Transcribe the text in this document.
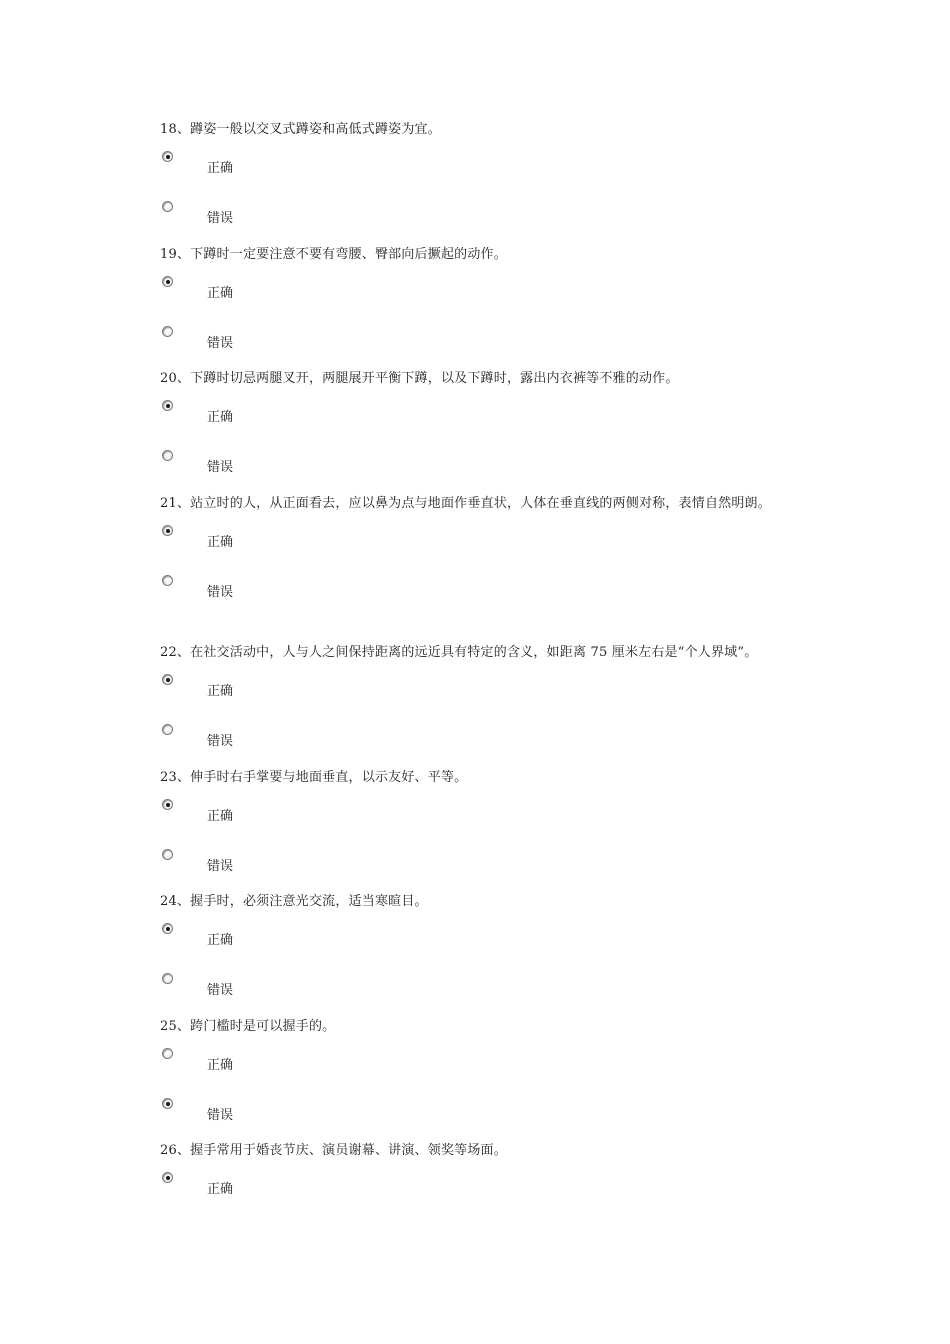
18、蹲姿一般以交叉式蹲姿和高低式蹲姿为宜。

正确
错误

19、下蹲时一定要注意不要有弯腰、臀部向后撅起的动作。

正确
错误

20、下蹲时切忌两腿叉开，两腿展开平衡下蹲，以及下蹲时，露出内衣裤等不雅的动作。

正确
错误

21、站立时的人，从正面看去，应以鼻为点与地面作垂直状，人体在垂直线的两侧对称，表情自然明朗。

正确
错误

22、在社交活动中，人与人之间保持距离的远近具有特定的含义，如距离 75 厘米左右是“个人界域”。

正确
错误

23、伸手时右手掌要与地面垂直，以示友好、平等。

正确
错误

24、握手时，必须注意光交流，适当寒暄目。

正确
错误

25、跨门槛时是可以握手的。

正确
错误

26、握手常用于婚丧节庆、演员谢幕、讲演、领奖等场面。

正确
